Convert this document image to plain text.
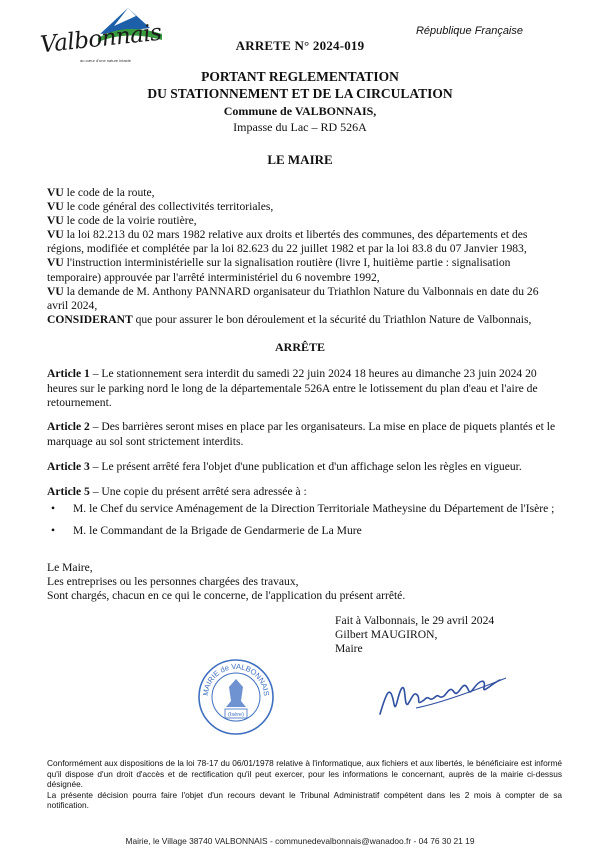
Valbonnais
au cœur d'une nature intacte
République Française
ARRETE N° 2024-019
PORTANT REGLEMENTATION
DU STATIONNEMENT ET DE LA CIRCULATION
Commune de VALBONNAIS,
Impasse du Lac – RD 526A
LE MAIRE

VU le code de la route,

VU le code général des collectivités territoriales,

VU le code de la voirie routière,

VU la loi 82.213 du 02 mars 1982 relative aux droits et libertés des communes, des départements et des régions, modifiée et complétée par la loi 82.623 du 22 juillet 1982 et par la loi 83.8 du 07 Janvier 1983,

VU l'instruction interministérielle sur la signalisation routière (livre I, huitième partie : signalisation temporaire) approuvée par l'arrêté interministériel du 6 novembre 1992,

VU la demande de M. Anthony PANNARD organisateur du Triathlon Nature du Valbonnais en date du 26 avril 2024,

CONSIDERANT que pour assurer le bon déroulement et la sécurité du Triathlon Nature de Valbonnais,

ARRÊTE
Article 1 – Le stationnement sera interdit du samedi 22 juin 2024 18 heures au dimanche 23 juin 2024 20 heures sur le parking nord le long de la départementale 526A entre le lotissement du plan d'eau et l'aire de retournement.
Article 2 – Des barrières seront mises en place par les organisateurs. La mise en place de piquets plantés et le marquage au sol sont strictement interdits.
Article 3 – Le présent arrêté fera l'objet d'une publication et d'un affichage selon les règles en vigueur.
Article 5 – Une copie du présent arrêté sera adressée à :
• M. le Chef du service Aménagement de la Direction Territoriale Matheysine du Département de l'Isère ;
• M. le Commandant de la Brigade de Gendarmerie de La Mure
Le Maire,
Les entreprises ou les personnes chargées des travaux,
Sont chargés, chacun en ce qui le concerne, de l'application du présent arrêté.
Fait à Valbonnais, le 29 avril 2024
Gilbert MAUGIRON,
Maire
MAIRIE de VALBONNAIS
(Isère)
Conformément aux dispositions de la loi 78-17 du 06/01/1978 relative à l'informatique, aux fichiers et aux libertés, le bénéficiaire est informé qu'il dispose d'un droit d'accès et de rectification qu'il peut exercer, pour les informations le concernant, auprès de la mairie ci-dessus désignée.
La présente décision pourra faire l'objet d'un recours devant le Tribunal Administratif compétent dans les 2 mois à compter de sa notification.
Mairie, le Village 38740 VALBONNAIS - communedevalbonnais@wanadoo.fr - 04 76 30 21 19
